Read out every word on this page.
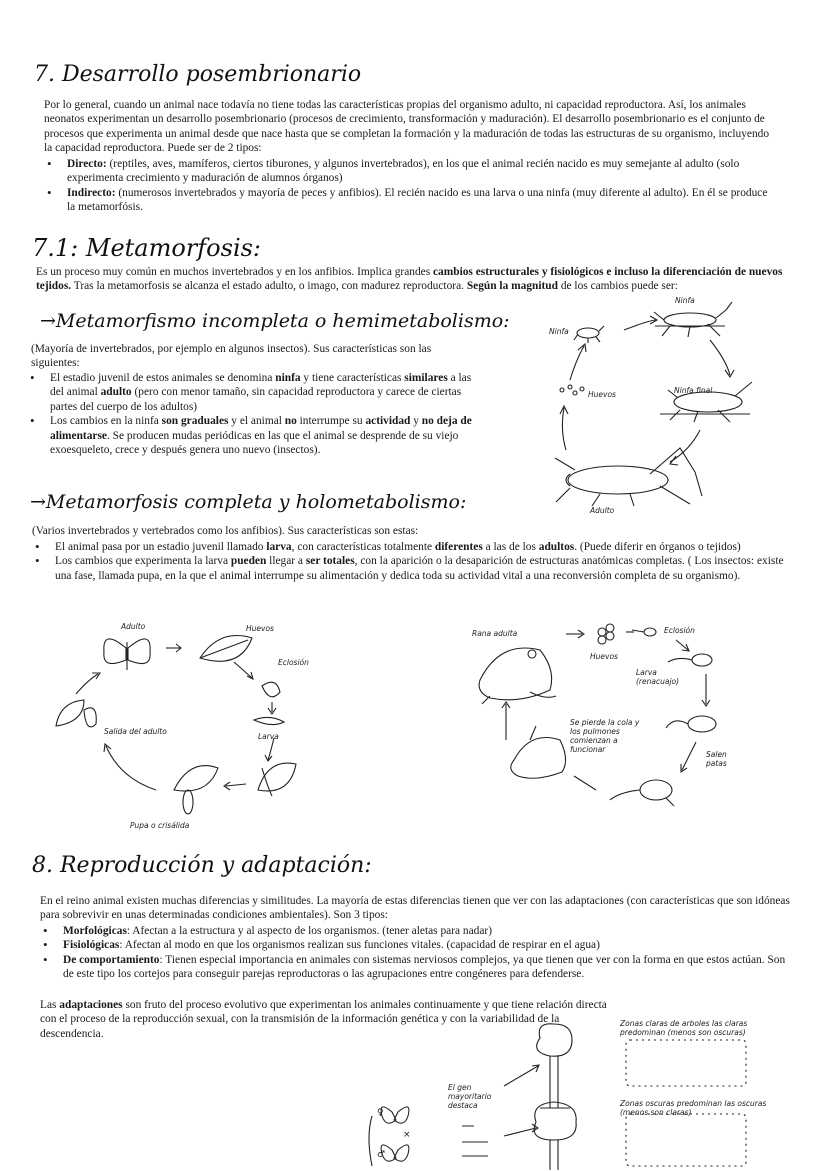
7. Desarrollo posembrionario
Por lo general, cuando un animal nace todavía no tiene todas las características propias del organismo adulto, ni capacidad reproductora. Así, los animales neonatos experimentan un desarrollo posembrionario (procesos de crecimiento, transformación y maduración). El desarrollo posembrionario es el conjunto de procesos que experimenta un animal desde que nace hasta que se completan la formación y la maduración de todas las estructuras de su organismo, incluyendo la capacidad reproductora. Puede ser de 2 tipos:
• Directo: (reptiles, aves, mamíferos, ciertos tiburones, y algunos invertebrados), en los que el animal recién nacido es muy semejante al adulto (solo experimenta crecimiento y maduración de alumnos órganos)
• Indirecto: (numerosos invertebrados y mayoría de peces y anfibios). El recién nacido es una larva o una ninfa (muy diferente al adulto). En él se produce la metamorfósis.
7.1: Metamorfosis:
Es un proceso muy común en muchos invertebrados y en los anfibios. Implica grandes cambios estructurales y fisiológicos e incluso la diferenciación de nuevos tejidos. Tras la metamorfosis se alcanza el estado adulto, o imago, con madurez reproductora. Según la magnitud de los cambios puede ser:
→Metamorfismo incompleta o hemimetabolismo:
(Mayoría de invertebrados, por ejemplo en algunos insectos). Sus características son las siguientes:
• El estadio juvenil de estos animales se denomina ninfa y tiene características similares a las del animal adulto (pero con menor tamaño, sin capacidad reproductora y carece de ciertas partes del cuerpo de los adultos)
• Los cambios en la ninfa son graduales y el animal no interrumpe su actividad y no deja de alimentarse. Se producen mudas periódicas en las que el animal se desprende de su viejo exoesqueleto, crece y después genera uno nuevo (insectos).
Ninfa
Ninfa
Huevos	Ninfa final
Adulto
→Metamorfosis completa y holometabolismo:
(Varios invertebrados y vertebrados como los anfibios). Sus características son estas:
• El animal pasa por un estadio juvenil llamado larva, con características totalmente diferentes a las de los adultos. (Puede diferir en órganos o tejidos)
• Los cambios que experimenta la larva pueden llegar a ser totales, con la aparición o la desaparición de estructuras anatómicas completas. ( Los insectos: existe una fase, llamada pupa, en la que el animal interrumpe su alimentación y dedica toda su actividad vital a una reconversión completa de su organismo).
Adulto	Huevos
Eclosión
Larva
Salida del adulto
Pupa o crisálida
Rana adulta
Huevos
Eclosión
Larva (renacuajo)
Se pierde la cola y los pulmones comienzan a funcionar
Salen patas
8. Reproducción y adaptación:
En el reino animal existen muchas diferencias y similitudes. La mayoría de estas diferencias tienen que ver con las adaptaciones (con características que son idóneas para sobrevivir en unas determinadas condiciones ambientales). Son 3 tipos:
• Morfológicas: Afectan a la estructura y al aspecto de los organismos. (tener aletas para nadar)
• Fisiológicas: Afectan al modo en que los organismos realizan sus funciones vitales. (capacidad de respirar en el agua)
• De comportamiento: Tienen especial importancia en animales con sistemas nerviosos complejos, ya que tienen que ver con la forma en que estos actúan. Son de este tipo los cortejos para conseguir parejas reproductoras o las agrupaciones entre congéneres para defenderse.
Las adaptaciones son fruto del proceso evolutivo que experimentan los animales continuamente y que tiene relación directa con el proceso de la reproducción sexual, con la transmisión de la información genética y con la variabilidad de la descendencia.
Zonas claras de arboles las claras predominan (menos son oscuras)
El gen mayoritario destaca	Zonas oscuras predominan las oscuras (menos son claras)
♀
×
♂
